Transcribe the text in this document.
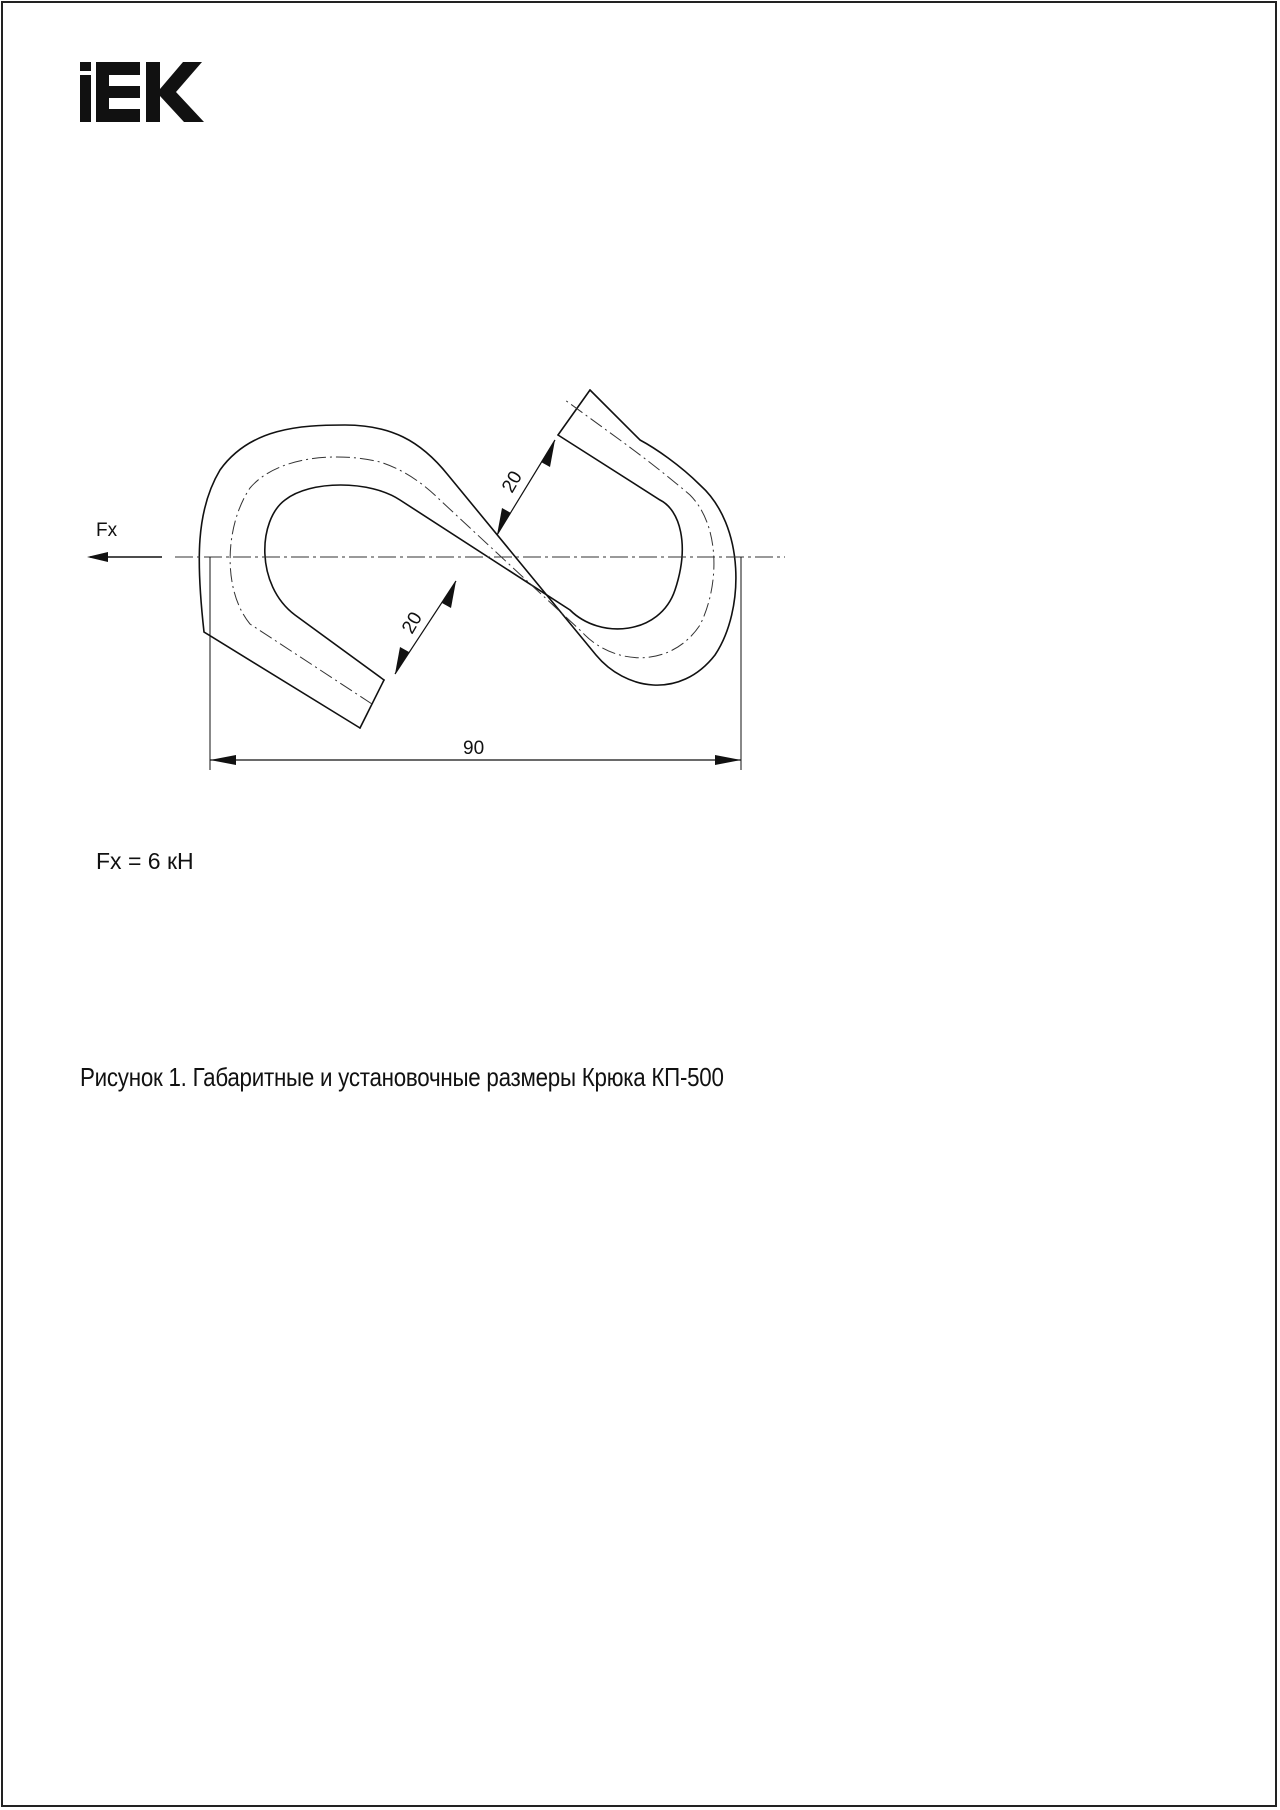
Fx
90
20
20

Fx = 6 кН

Рисунок 1. Габаритные и установочные размеры Крюка КП-500
